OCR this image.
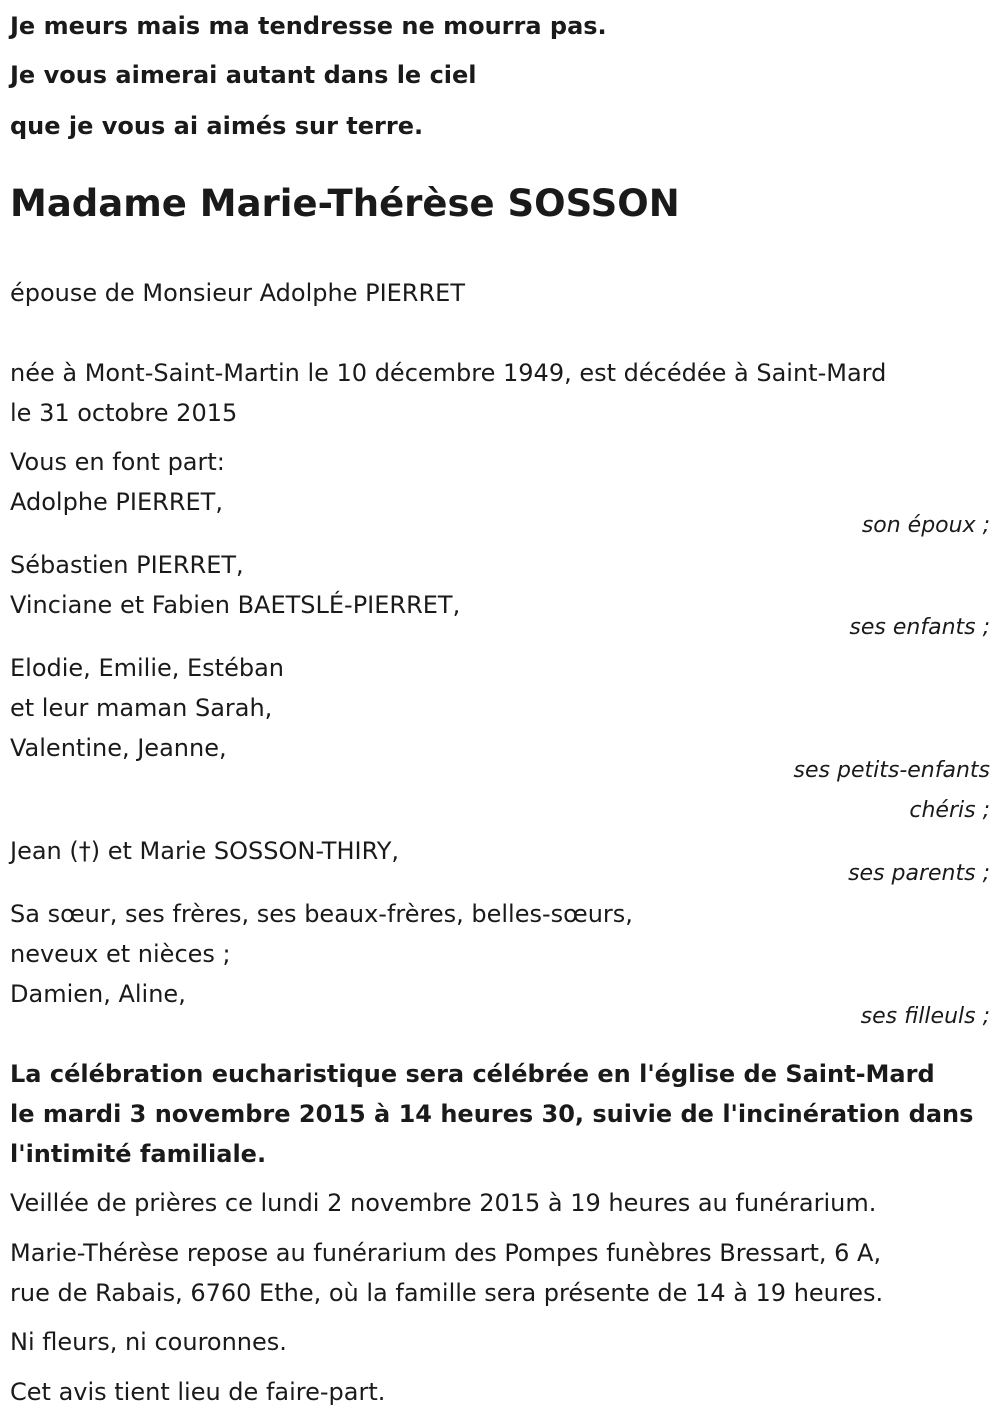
Je meurs mais ma tendresse ne mourra pas.
Je vous aimerai autant dans le ciel
que je vous ai aimés sur terre.
Madame Marie-Thérèse SOSSON
épouse de Monsieur Adolphe PIERRET
née à Mont-Saint-Martin le 10 décembre 1949, est décédée à Saint-Mard
le 31 octobre 2015
Vous en font part:
Adolphe PIERRET,
son époux ;
Sébastien PIERRET,
Vinciane et Fabien BAETSLÉ-PIERRET,
ses enfants ;
Elodie, Emilie, Estéban
et leur maman Sarah,
Valentine, Jeanne,
ses petits-enfants
chéris ;
Jean (†) et Marie SOSSON-THIRY,
ses parents ;
Sa sœur, ses frères, ses beaux-frères, belles-sœurs,
neveux et nièces ;
Damien, Aline,
ses filleuls ;
La célébration eucharistique sera célébrée en l'église de Saint-Mard
le mardi 3 novembre 2015 à 14 heures 30, suivie de l'incinération dans
l'intimité familiale.
Veillée de prières ce lundi 2 novembre 2015 à 19 heures au funérarium.
Marie-Thérèse repose au funérarium des Pompes funèbres Bressart, 6 A,
rue de Rabais, 6760 Ethe, où la famille sera présente de 14 à 19 heures.
Ni fleurs, ni couronnes.
Cet avis tient lieu de faire-part.
